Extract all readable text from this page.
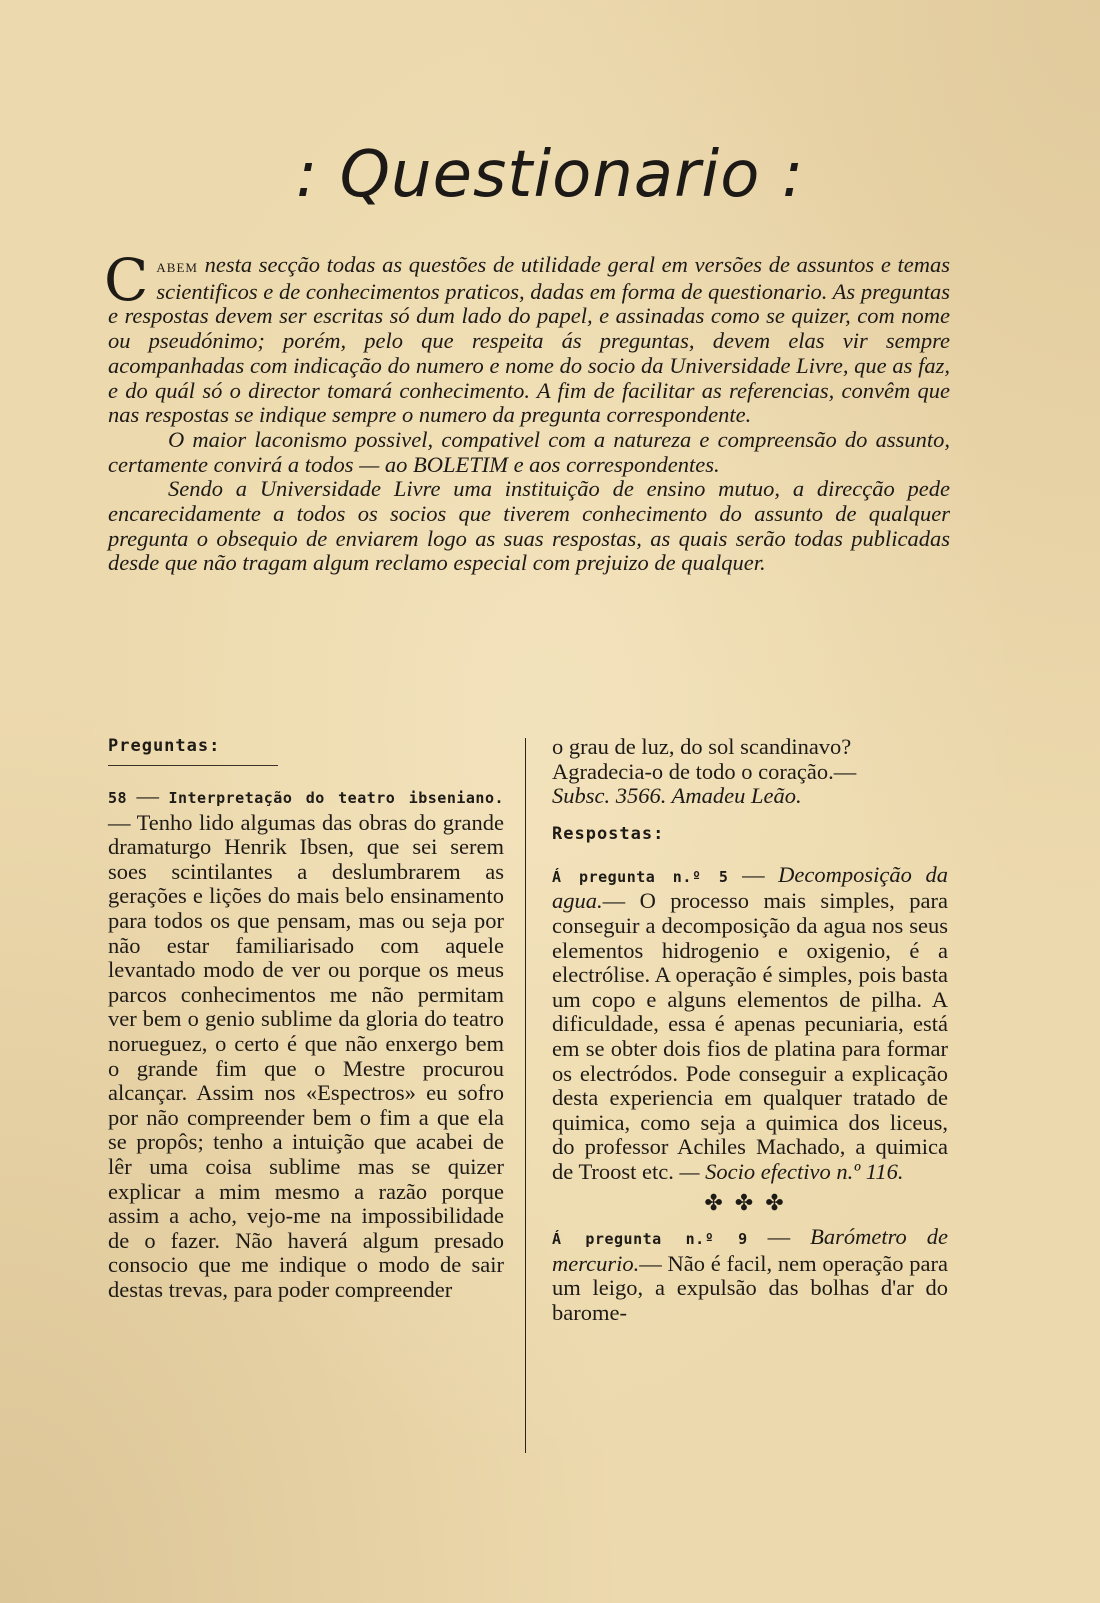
: Questionario :

Cabem nesta secção todas as questões de utilidade geral em versões de assuntos e temas scientificos e de conhecimentos praticos, dadas em forma de questionario. As preguntas e respostas devem ser escritas só dum lado do papel, e assinadas como se quizer, com nome ou pseudónimo; porém, pelo que respeita ás preguntas, devem elas vir sempre acompanhadas com indicação do numero e nome do socio da Universidade Livre, que as faz, e do quál só o director tomará conhecimento. A fim de facilitar as referencias, convêm que nas respostas se indique sempre o numero da pregunta correspondente.

O maior laconismo possivel, compativel com a natureza e compreensão do assunto, certamente convirá a todos — ao BOLETIM e aos correspondentes.

Sendo a Universidade Livre uma instituição de ensino mutuo, a direcção pede encarecidamente a todos os socios que tiverem conhecimento do assunto de qualquer pregunta o obsequio de enviarem logo as suas respostas, as quais serão todas publicadas desde que não tragam algum reclamo especial com prejuizo de qualquer.

Preguntas:

58 — Interpretação do teatro ibseniano. — Tenho lido algumas das obras do grande dramaturgo Henrik Ibsen, que sei serem soes scintilantes a deslumbrarem as gerações e lições do mais belo ensinamento para todos os que pensam, mas ou seja por não estar familiarisado com aquele levantado modo de ver ou porque os meus parcos conhecimentos me não permitam ver bem o genio sublime da gloria do teatro norueguez, o certo é que não enxergo bem o grande fim que o Mestre procurou alcançar. Assim nos «Espectros» eu sofro por não compreender bem o fim a que ela se propôs; tenho a intuição que acabei de lêr uma coisa sublime mas se quizer explicar a mim mesmo a razão porque assim a acho, vejo-me na impossibilidade de o fazer. Não haverá algum presado consocio que me indique o modo de sair destas trevas, para poder compreender

o grau de luz, do sol scandinavo? Agradecia-o de todo o coração.—
Subsc. 3566. Amadeu Leão.

Respostas:

Á pregunta n.º 5 — Decomposição da agua.— O processo mais simples, para conseguir a decomposição da agua nos seus elementos hidrogenio e oxigenio, é a electrólise. A operação é simples, pois basta um copo e alguns elementos de pilha. A dificuldade, essa é apenas pecuniaria, está em se obter dois fios de platina para formar os electródos. Pode conseguir a explicação desta experiencia em qualquer tratado de quimica, como seja a quimica dos liceus, do professor Achiles Machado, a quimica de Troost etc. — Socio efectivo n.º 116.

✤✤✤

Á pregunta n.º 9 — Barómetro de mercurio.— Não é facil, nem operação para um leigo, a expulsão das bolhas d'ar do barome-
